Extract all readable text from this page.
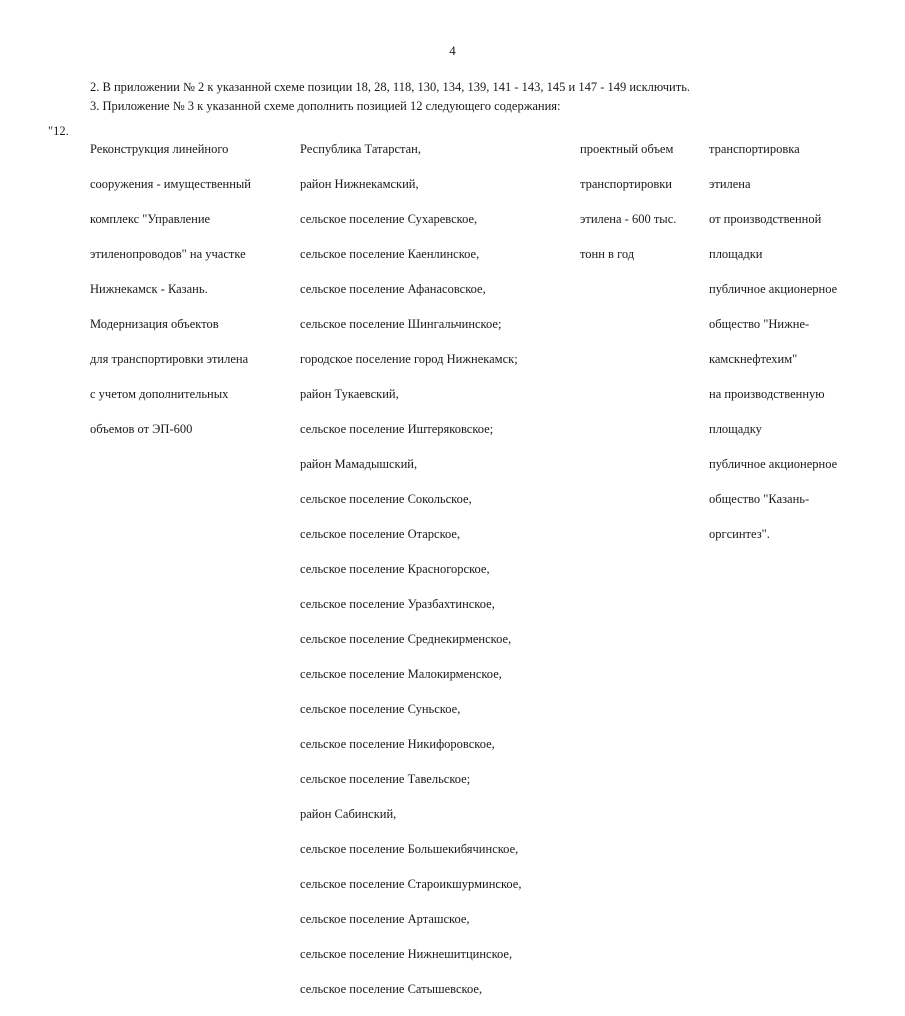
4
2. В приложении № 2 к указанной схеме позиции 18, 28, 118, 130, 134, 139, 141 - 143, 145 и 147 - 149 исключить.
3. Приложение № 3 к указанной схеме дополнить позицией 12 следующего содержания:
"12.

Реконструкция линейного

сооружения - имущественный

комплекс "Управление

этиленопроводов" на участке

Нижнекамск - Казань.

Модернизация объектов

для транспортировки этилена

с учетом дополнительных

объемов от ЭП-600

Республика Татарстан,

район Нижнекамский,

сельское поселение Сухаревское,

сельское поселение Каенлинское,

сельское поселение Афанасовское,

сельское поселение Шингальчинское;

городское поселение город Нижнекамск;

район Тукаевский,

сельское поселение Иштеряковское;

район Мамадышский,

сельское поселение Сокольское,

сельское поселение Отарское,

сельское поселение Красногорское,

сельское поселение Уразбахтинское,

сельское поселение Среднекирменское,

сельское поселение Малокирменское,

сельское поселение Суньское,

сельское поселение Никифоровское,

сельское поселение Тавельское;

район Сабинский,

сельское поселение Большекибячинское,

сельское поселение Староикшурминское,

сельское поселение Арташское,

сельское поселение Нижнешитцинское,

сельское поселение Сатышевское,

проектный объем

транспортировки

этилена - 600 тыс.

тонн в год

транспортировка

этилена

от производственной

площадки

публичное акционерное

общество "Нижне-

камскнефтехим"

на производственную

площадку

публичное акционерное

общество "Казань-

оргсинтез".
